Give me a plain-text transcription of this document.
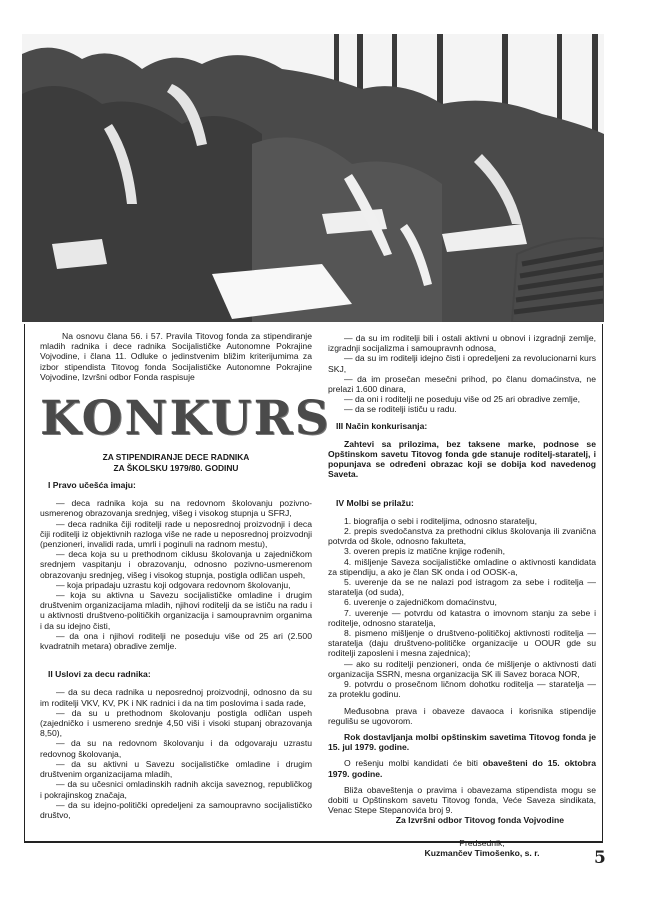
Na osnovu člana 56. i 57. Pravila Titovog fonda za stipendiranje mladih radnika i dece radnika Socijalističke Autonomne Pokrajine Vojvodine, i člana 11. Odluke o jedinstvenim bližim kriterijumima za izbor stipendista Titovog fonda Socijalističke Autonomne Pokrajine Vojvodine, Izvršni odbor Fonda raspisuje

KONKURS
ZA STIPENDIRANJE DECE RADNIKA
ZA ŠKOLSKU 1979/80. GODINU
I Pravo učešća imaju:

— deca radnika koja su na redovnom školovanju pozivno-usmerenog obrazovanja srednjeg, višeg i visokog stupnja u SFRJ,

— deca radnika čiji roditelji rade u neposrednoj proizvodnji i deca čiji roditelji iz objektivnih razloga više ne rade u neposrednoj proizvodnji (penzioneri, invalidi rada, umrli i poginuli na radnom mestu),

— deca koja su u prethodnom ciklusu školovanja u zajedničkom srednjem vaspitanju i obrazovanju, odnosno pozivno-usmerenom obrazovanju srednjeg, višeg i visokog stupnja, postigla odličan uspeh,

— koja pripadaju uzrastu koji odgovara redovnom školovanju,

— koja su aktivna u Savezu socijalističke omladine i drugim društvenim organizacijama mladih, njihovi roditelji da se ističu na radu i u aktivnosti društveno-političkih organizacija i samoupravnim organima i da su idejno čisti,

— da ona i njihovi roditelji ne poseduju više od 25 ari (2.500 kvadratnih metara) obradive zemlje.

II Uslovi za decu radnika:

— da su deca radnika u neposrednoj proizvodnji, odnosno da su im roditelji VKV, KV, PK i NK radnici i da na tim poslovima i sada rade,

— da su u prethodnom školovanju postigla odličan uspeh (zajedničko i usmereno srednje 4,50 viši i visoki stupanj obrazovanja 8,50),

— da su na redovnom školovanju i da odgovaraju uzrastu redovnog školovanja,

— da su aktivni u Savezu socijalističke omladine i drugim društvenim organizacijama mladih,

— da su učesnici omladinskih radnih akcija saveznog, republičkog i pokrajinskog značaja,

— da su idejno-politički opredeljeni za samoupravno socijalističko društvo,

— da su im roditelji bili i ostali aktivni u obnovi i izgradnji zemlje, izgradnji socijalizma i samoupravnh odnosa,

— da su im roditelji idejno čisti i opredeljeni za revolucionarni kurs SKJ,

— da im prosečan mesečni prihod, po članu domaćinstva, ne prelazi 1.600 dinara,

— da oni i roditelji ne poseduju više od 25 ari obradive zemlje,

— da se roditelji ističu u radu.

III Način konkurisanja:

Zahtevi sa prilozima, bez taksene marke, podnose se Opštinskom savetu Titovog fonda gde stanuje roditelj-staratelj, i popunjava se određeni obrazac koji se dobija kod navedenog Saveta.

IV Molbi se prilažu:

1. biografija o sebi i roditeljima, odnosno staratelju,

2. prepis svedočanstva za prethodni ciklus školovanja ili zvanična potvrda od škole, odnosno fakulteta,

3. overen prepis iz matične knjige rođenih,

4. mišljenje Saveza socijalističke omladine o aktivnosti kandidata za stipendiju, a ako je član SK onda i od OOSK-a,

5. uverenje da se ne nalazi pod istragom za sebe i roditelja — staratelja (od suda),

6. uverenje o zajedničkom domaćinstvu,

7. uverenje — potvrdu od katastra o imovnom stanju za sebe i roditelje, odnosno staratelja,

8. pismeno mišljenje o društveno-političkoj aktivnosti roditelja — staratelja (daju društveno-političke organizacije u OOUR gde su roditelji zaposleni i mesna zajednica);

— ako su roditelji penzioneri, onda će mišljenje o aktivnosti dati organizacija SSRN, mesna organizacija SK ili Savez boraca NOR,

9. potvrdu o prosečnom ličnom dohotku roditelja — staratelja — za proteklu godinu.

Međusobna prava i obaveze davaoca i korisnika stipendije regulišu se ugovorom.

Rok dostavljanja molbi opštinskim savetima Titovog fonda je 15. jul 1979. godine.

O rešenju molbi kandidati će biti obavešteni do 15. oktobra 1979. godine.

Bliža obaveštenja o pravima i obavezama stipendista mogu se dobiti u Opštinskom savetu Titovog fonda, Veće Saveza sindikata, Venac Stepe Stepanovića broj 9.

Za Izvršni odbor Titovog fonda Vojvodine
Predsednik,
Kuzmančev Timošenko, s. r.	5
